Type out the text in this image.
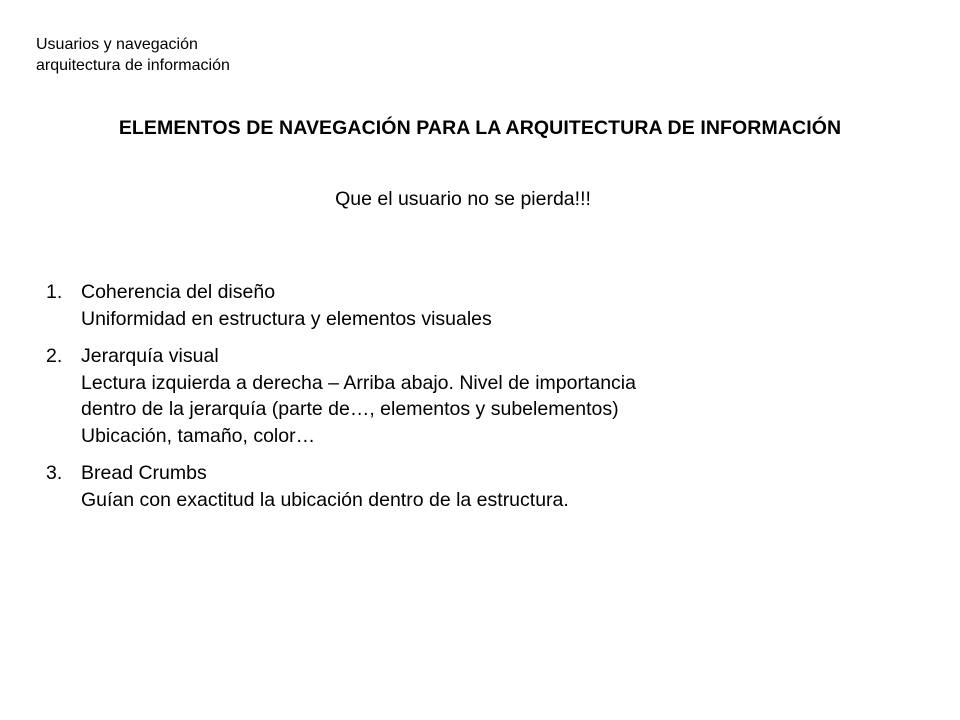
Usuarios y navegación
arquitectura de información
ELEMENTOS DE NAVEGACIÓN PARA LA ARQUITECTURA DE INFORMACIÓN
Que el usuario no se pierda!!!
1. Coherencia del diseño
Uniformidad en estructura y elementos visuales
2. Jerarquía visual
Lectura izquierda a derecha – Arriba abajo. Nivel de importancia
dentro de la jerarquía (parte de…, elementos y subelementos)
Ubicación, tamaño, color…
3. Bread Crumbs
Guían con exactitud la ubicación dentro de la estructura.
